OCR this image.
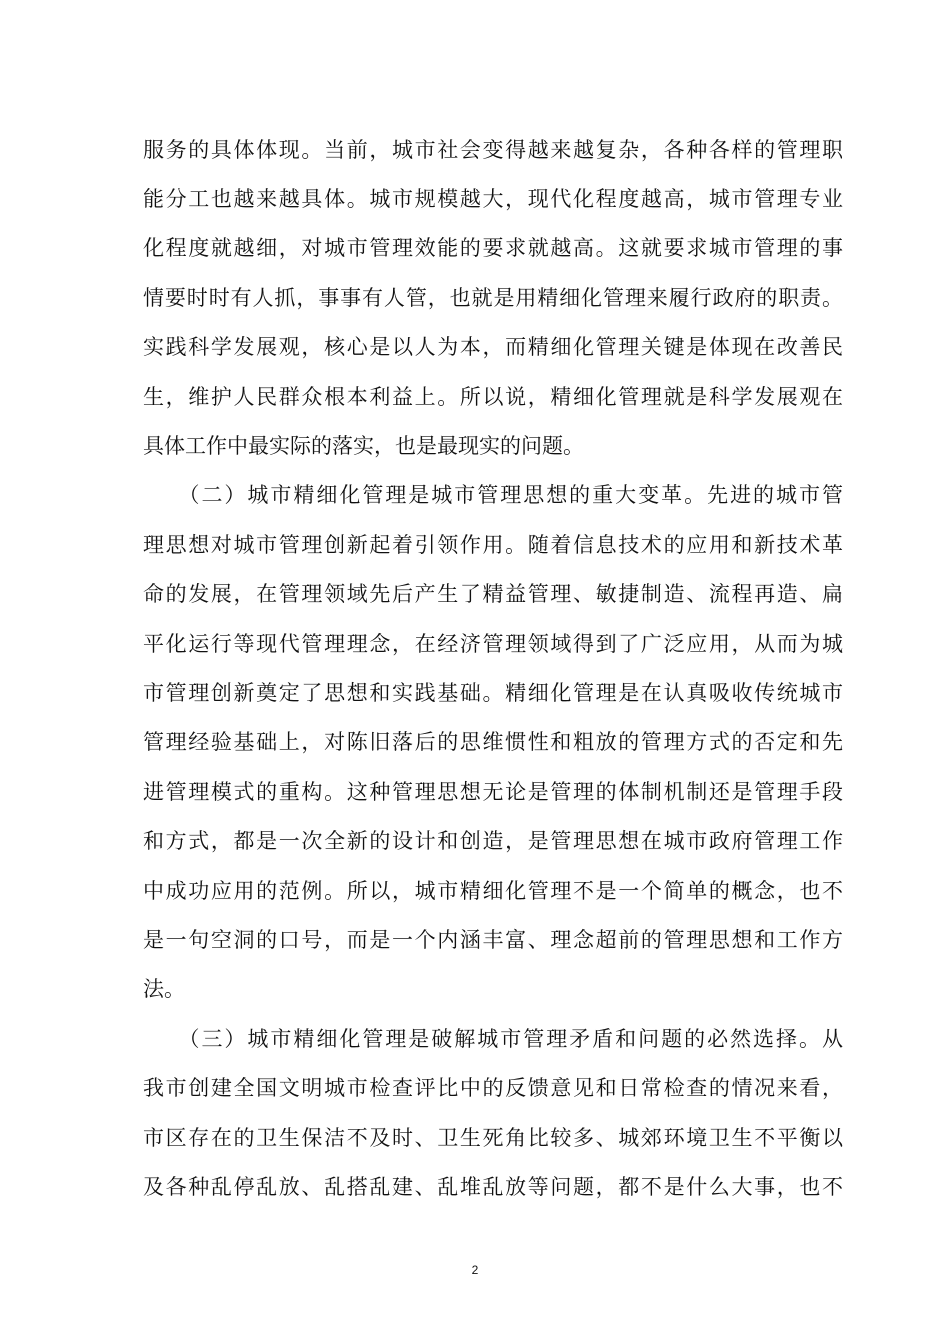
服务的具体体现。当前，城市社会变得越来越复杂，各种各样的管理职
能分工也越来越具体。城市规模越大，现代化程度越高，城市管理专业
化程度就越细，对城市管理效能的要求就越高。这就要求城市管理的事
情要时时有人抓，事事有人管，也就是用精细化管理来履行政府的职责。
实践科学发展观，核心是以人为本，而精细化管理关键是体现在改善民
生，维护人民群众根本利益上。所以说，精细化管理就是科学发展观在
具体工作中最实际的落实，也是最现实的问题。
　　（二）城市精细化管理是城市管理思想的重大变革。先进的城市管
理思想对城市管理创新起着引领作用。随着信息技术的应用和新技术革
命的发展，在管理领域先后产生了精益管理、敏捷制造、流程再造、扁
平化运行等现代管理理念，在经济管理领域得到了广泛应用，从而为城
市管理创新奠定了思想和实践基础。精细化管理是在认真吸收传统城市
管理经验基础上，对陈旧落后的思维惯性和粗放的管理方式的否定和先
进管理模式的重构。这种管理思想无论是管理的体制机制还是管理手段
和方式，都是一次全新的设计和创造，是管理思想在城市政府管理工作
中成功应用的范例。所以，城市精细化管理不是一个简单的概念，也不
是一句空洞的口号，而是一个内涵丰富、理念超前的管理思想和工作方
法。
　　（三）城市精细化管理是破解城市管理矛盾和问题的必然选择。从
我市创建全国文明城市检查评比中的反馈意见和日常检查的情况来看，
市区存在的卫生保洁不及时、卫生死角比较多、城郊环境卫生不平衡以
及各种乱停乱放、乱搭乱建、乱堆乱放等问题，都不是什么大事，也不
2
